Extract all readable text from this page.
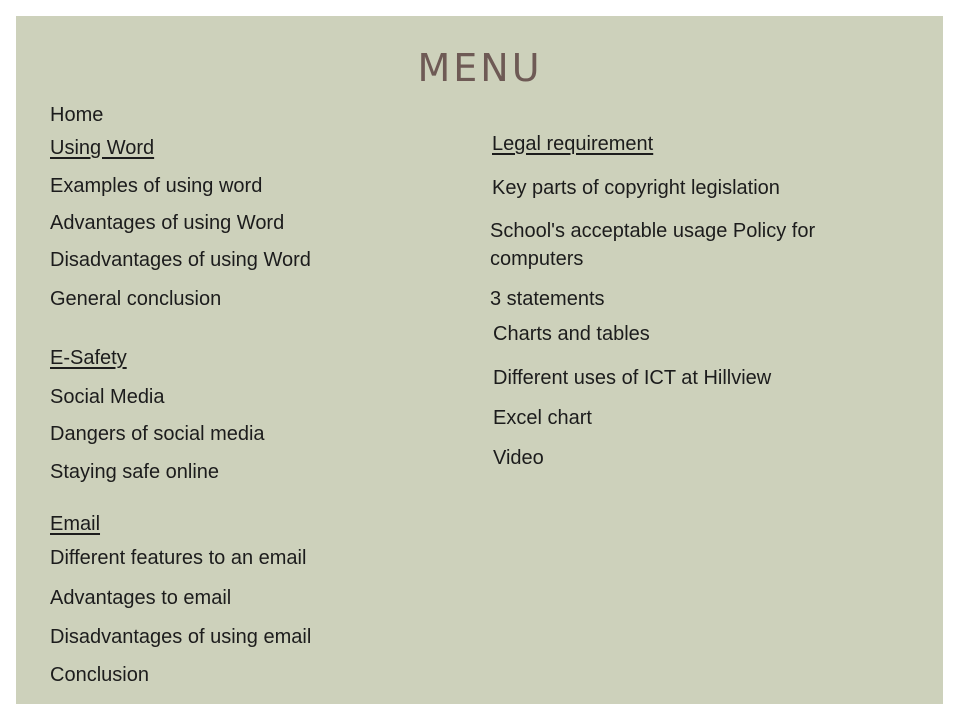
MENU
Home
Using Word
Examples of using word
Advantages of using Word
Disadvantages of using Word
General conclusion
E-Safety
Social Media
Dangers of social media
Staying safe online
Email
Different features to an email
Advantages to email
Disadvantages of using email
Conclusion
Legal requirement
Key parts of copyright legislation
School's acceptable usage Policy for computers
3 statements
Charts and tables
Different uses of ICT at Hillview
Excel chart
Video
